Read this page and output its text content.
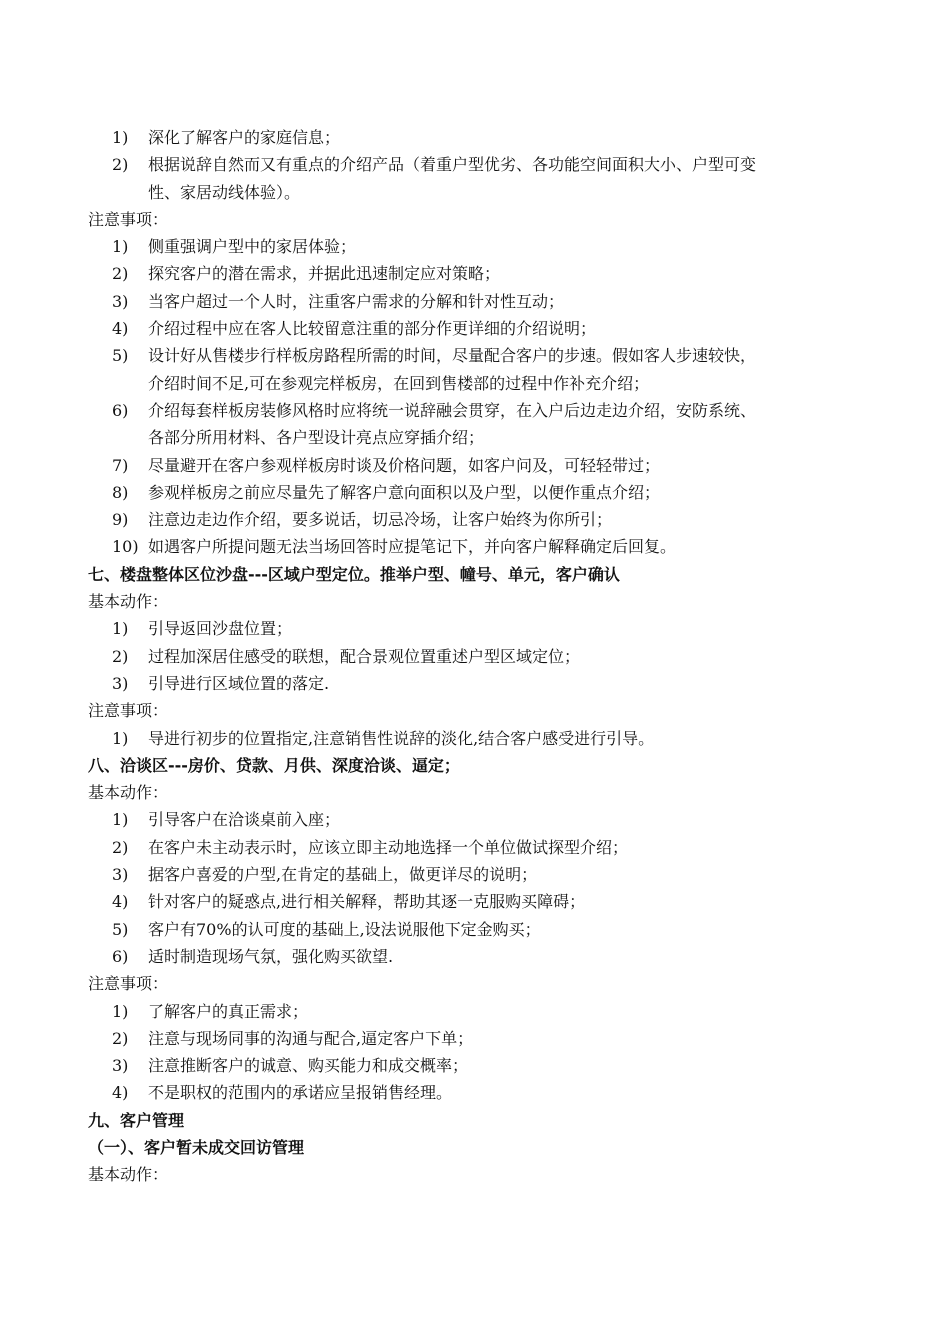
1)	深化了解客户的家庭信息；
2)	根据说辞自然而又有重点的介绍产品（着重户型优劣、各功能空间面积大小、户型可变
性、家居动线体验）。
注意事项：
1)	侧重强调户型中的家居体验；
2)	探究客户的潜在需求，并据此迅速制定应对策略；
3)	当客户超过一个人时，注重客户需求的分解和针对性互动；
4)	介绍过程中应在客人比较留意注重的部分作更详细的介绍说明；
5)	设计好从售楼步行样板房路程所需的时间，尽量配合客户的步速。假如客人步速较快，
介绍时间不足,可在参观完样板房，在回到售楼部的过程中作补充介绍；
6)	介绍每套样板房装修风格时应将统一说辞融会贯穿，在入户后边走边介绍，安防系统、
各部分所用材料、各户型设计亮点应穿插介绍；
7)	尽量避开在客户参观样板房时谈及价格问题，如客户问及，可轻轻带过；
8)	参观样板房之前应尽量先了解客户意向面积以及户型，以便作重点介绍；
9)	注意边走边作介绍，要多说话，切忌冷场，让客户始终为你所引；
10) 如遇客户所提问题无法当场回答时应提笔记下，并向客户解释确定后回复。
七、楼盘整体区位沙盘---区域户型定位。推举户型、幢号、单元，客户确认
基本动作：
1)	引导返回沙盘位置；
2)	过程加深居住感受的联想，配合景观位置重述户型区域定位；
3)	引导进行区域位置的落定.
注意事项：
1)	导进行初步的位置指定,注意销售性说辞的淡化,结合客户感受进行引导。
八、洽谈区---房价、贷款、月供、深度洽谈、逼定；
基本动作：
1)	引导客户在洽谈桌前入座；
2)	在客户未主动表示时，应该立即主动地选择一个单位做试探型介绍；
3)	据客户喜爱的户型,在肯定的基础上，做更详尽的说明；
4)	针对客户的疑惑点,进行相关解释，帮助其逐一克服购买障碍；
5)	客户有70%的认可度的基础上,设法说服他下定金购买；
6)	适时制造现场气氛，强化购买欲望.
注意事项：
1)	了解客户的真正需求；
2)	注意与现场同事的沟通与配合,逼定客户下单；
3)	注意推断客户的诚意、购买能力和成交概率；
4)	不是职权的范围内的承诺应呈报销售经理。
九、客户管理
（一）、客户暂未成交回访管理
基本动作：
